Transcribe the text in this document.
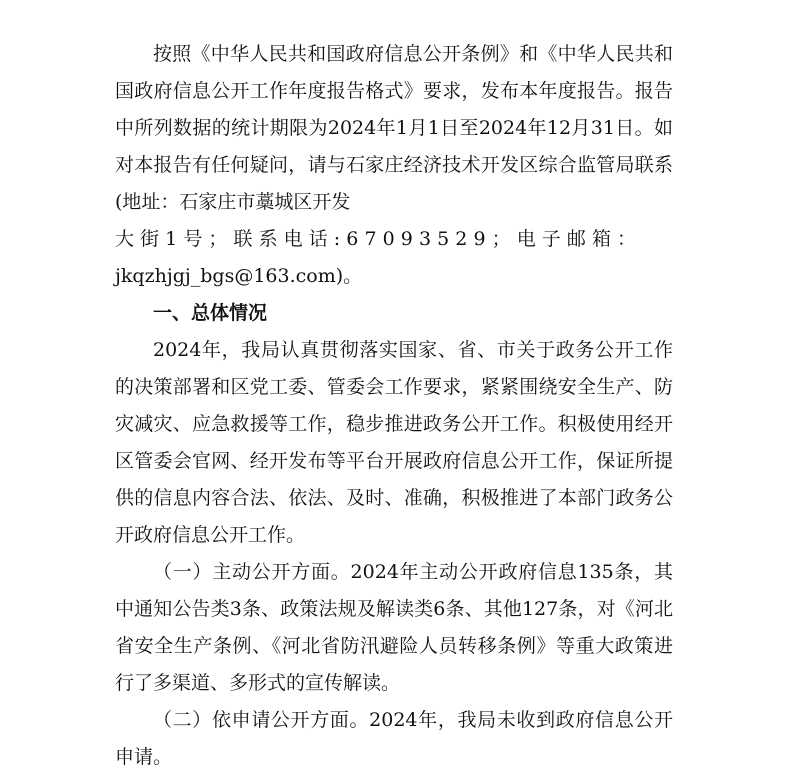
按照《中华人民共和国政府信息公开条例》和《中华人民共和国政府信息公开工作年度报告格式》要求，发布本年度报告。报告中所列数据的统计期限为2024年1月1日至2024年12月31日。如对本报告有任何疑问，请与石家庄经济技术开发区综合监管局联系(地址：石家庄市藁城区开发
大街1号；联系电话:67093529；电子邮箱：
jkqzhjgj_bgs@163.com)。

一、总体情况

2024年，我局认真贯彻落实国家、省、市关于政务公开工作的决策部署和区党工委、管委会工作要求，紧紧围绕安全生产、防灾减灾、应急救援等工作，稳步推进政务公开工作。积极使用经开区管委会官网、经开发布等平台开展政府信息公开工作，保证所提供的信息内容合法、依法、及时、准确，积极推进了本部门政务公开政府信息公开工作。

（一）主动公开方面。2024年主动公开政府信息135条，其中通知公告类3条、政策法规及解读类6条、其他127条，对《河北省安全生产条例、《河北省防汛避险人员转移条例》等重大政策进行了多渠道、多形式的宣传解读。

（二）依申请公开方面。2024年，我局未收到政府信息公开申请。
